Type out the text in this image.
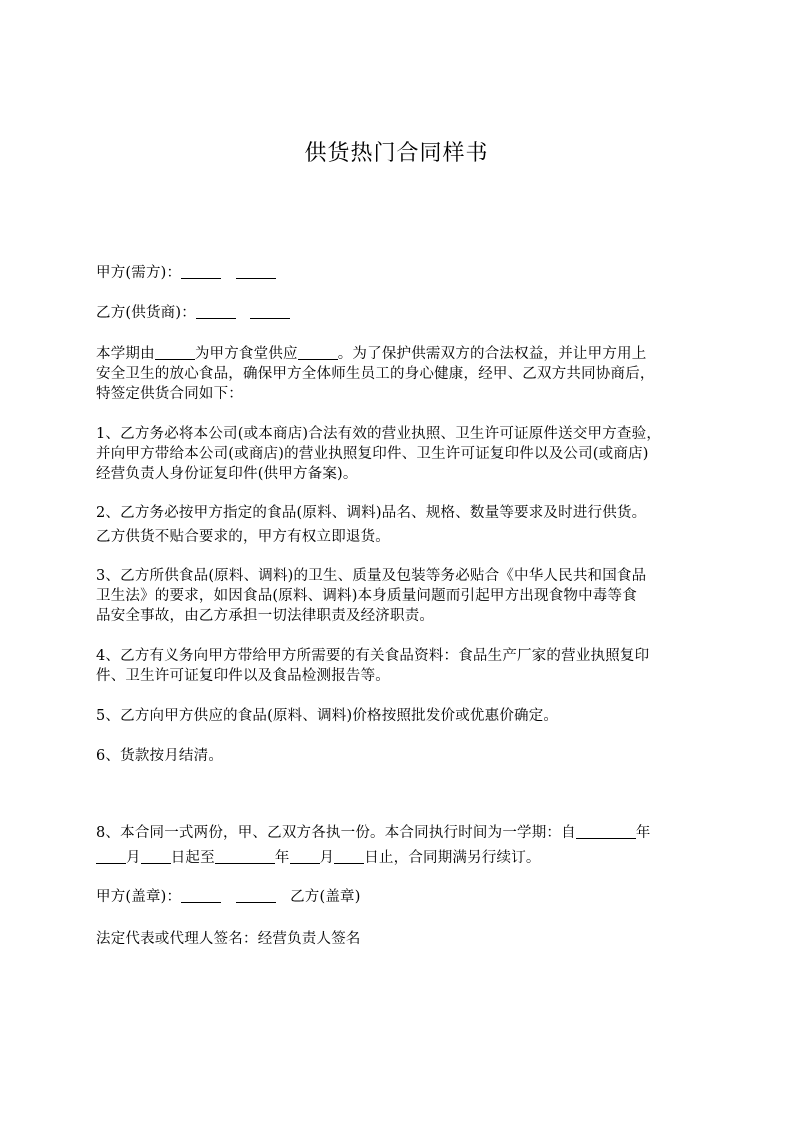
供货热门合同样书
甲方(需方)：
乙方(供货商)：
本学期由	为甲方食堂供应	。为了保护供需双方的合法权益，并让甲方用上
安全卫生的放心食品，确保甲方全体师生员工的身心健康，经甲、乙双方共同协商后，
特签定供货合同如下：
1、乙方务必将本公司(或本商店)合法有效的营业执照、卫生许可证原件送交甲方查验，
并向甲方带给本公司(或商店)的营业执照复印件、卫生许可证复印件以及公司(或商店)
经营负责人身份证复印件(供甲方备案)。
2、乙方务必按甲方指定的食品(原料、调料)品名、规格、数量等要求及时进行供货。
乙方供货不贴合要求的，甲方有权立即退货。
3、乙方所供食品(原料、调料)的卫生、质量及包装等务必贴合《中华人民共和国食品
卫生法》的要求，如因食品(原料、调料)本身质量问题而引起甲方出现食物中毒等食
品安全事故，由乙方承担一切法律职责及经济职责。
4、乙方有义务向甲方带给甲方所需要的有关食品资料：食品生产厂家的营业执照复印
件、卫生许可证复印件以及食品检测报告等。
5、乙方向甲方供应的食品(原料、调料)价格按照批发价或优惠价确定。
6、货款按月结清。
8、本合同一式两份，甲、乙双方各执一份。本合同执行时间为一学期：自	年
月 日起至	年 月 日止，合同期满另行续订。
甲方(盖章)：	乙方(盖章)
法定代表或代理人签名：经营负责人签名
